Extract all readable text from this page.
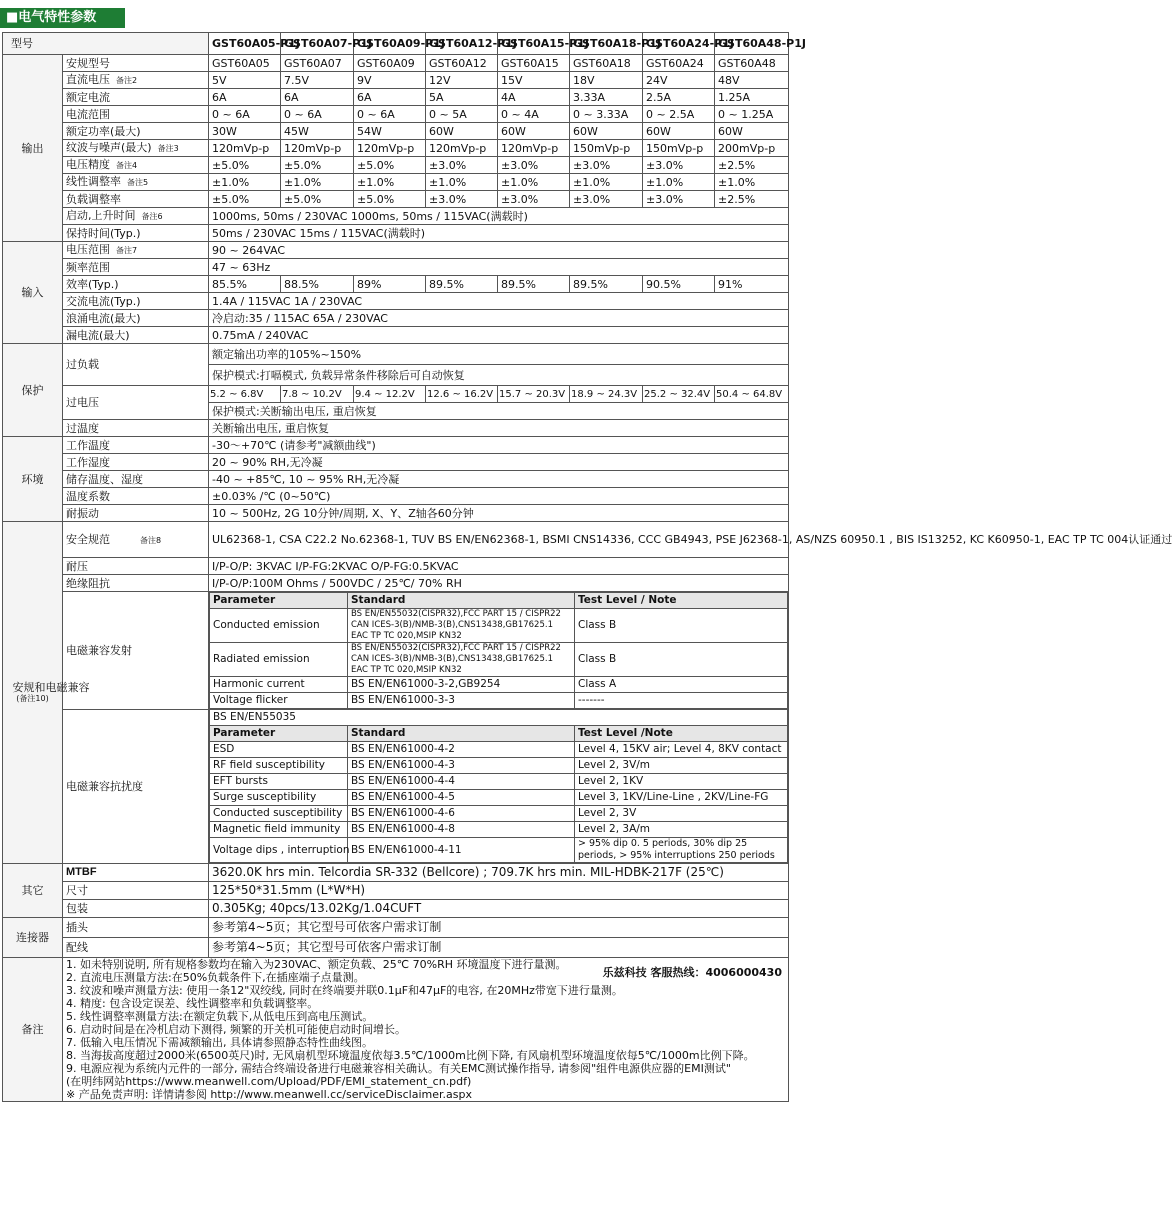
■电气特性参数
型号	GST60A05-P1J	GST60A07-P1J	GST60A09-P1J	GST60A12-P1J	GST60A15-P1J	GST60A18-P1J	GST60A24-P1J	GST60A48-P1J
输出	安规型号	GST60A05	GST60A07	GST60A09	GST60A12	GST60A15	GST60A18	GST60A24	GST60A48
直流电压 备注2	5V	7.5V	9V	12V	15V	18V	24V	48V
额定电流	6A	6A	6A	5A	4A	3.33A	2.5A	1.25A
电流范围	0 ~ 6A	0 ~ 6A	0 ~ 6A	0 ~ 5A	0 ~ 4A	0 ~ 3.33A	0 ~ 2.5A	0 ~ 1.25A
额定功率(最大)	30W	45W	54W	60W	60W	60W	60W	60W
纹波与噪声(最大) 备注3	120mVp-p	120mVp-p	120mVp-p	120mVp-p	120mVp-p	150mVp-p	150mVp-p	200mVp-p
电压精度 备注4	±5.0%	±5.0%	±5.0%	±3.0%	±3.0%	±3.0%	±3.0%	±2.5%
线性调整率 备注5	±1.0%	±1.0%	±1.0%	±1.0%	±1.0%	±1.0%	±1.0%	±1.0%
负载调整率	±5.0%	±5.0%	±5.0%	±3.0%	±3.0%	±3.0%	±3.0%	±2.5%
启动,上升时间 备注6	1000ms, 50ms / 230VAC 1000ms, 50ms / 115VAC(满载时)
保持时间(Typ.)	50ms / 230VAC 15ms / 115VAC(满载时)
输入	电压范围 备注7	90 ~ 264VAC
频率范围	47 ~ 63Hz
效率(Typ.)	85.5%	88.5%	89%	89.5%	89.5%	89.5%	90.5%	91%
交流电流(Typ.)	1.4A / 115VAC 1A / 230VAC
浪涌电流(最大)	冷启动:35 / 115AC 65A / 230VAC
漏电流(最大)	0.75mA / 240VAC
保护	过负载	额定输出功率的105%~150%
保护模式:打嗝模式, 负载异常条件移除后可自动恢复
过电压	5.2 ~ 6.8V	7.8 ~ 10.2V	9.4 ~ 12.2V	12.6 ~ 16.2V	15.7 ~ 20.3V	18.9 ~ 24.3V	25.2 ~ 32.4V	50.4 ~ 64.8V
保护模式:关断输出电压, 重启恢复
过温度	关断输出电压, 重启恢复
环境	工作温度	-30〜+70℃ (请参考"减额曲线")
工作湿度	20 ~ 90% RH,无冷凝
储存温度、湿度	-40 ~ +85℃, 10 ~ 95% RH,无冷凝
温度系数	±0.03% /℃ (0~50℃)
耐振动	10 ~ 500Hz, 2G 10分钟/周期, X、Y、Z轴各60分钟

安规和电磁兼容
(备注10)
	安全规范	备注8	UL62368-1, CSA C22.2 No.62368-1, TUV BS EN/EN62368-1, BSMI CNS14336, CCC GB4943, PSE J62368-1, AS/NZS 60950.1 , BIS IS13252, KC K60950-1, EAC TP TC 004认证通过
耐压	I/P-O/P: 3KVAC I/P-FG:2KVAC O/P-FG:0.5KVAC
绝缘阻抗	I/P-O/P:100M Ohms / 500VDC / 25℃/ 70% RH
电磁兼容发射	
Parameter	Standard	Test Level / Note
Conducted emission	BS EN/EN55032(CISPR32),FCC PART 15 / CISPR22 CAN ICES-3(B)/NMB-3(B),CNS13438,GB17625.1 EAC TP TC 020,MSIP KN32	Class B
Radiated emission	BS EN/EN55032(CISPR32),FCC PART 15 / CISPR22 CAN ICES-3(B)/NMB-3(B),CNS13438,GB17625.1 EAC TP TC 020,MSIP KN32	Class B
Harmonic current	BS EN/EN61000-3-2,GB9254	Class A
Voltage flicker	BS EN/EN61000-3-3	-------

电磁兼容抗扰度	
BS EN/EN55035
Parameter	Standard	Test Level /Note
ESD	BS EN/EN61000-4-2	Level 4, 15KV air; Level 4, 8KV contact
RF field susceptibility	BS EN/EN61000-4-3	Level 2, 3V/m
EFT bursts	BS EN/EN61000-4-4	Level 2, 1KV
Surge susceptibility	BS EN/EN61000-4-5	Level 3, 1KV/Line-Line , 2KV/Line-FG
Conducted susceptibility	BS EN/EN61000-4-6	Level 2, 3V
Magnetic field immunity	BS EN/EN61000-4-8	Level 2, 3A/m
Voltage dips , interruption	BS EN/EN61000-4-11	> 95% dip 0. 5 periods, 30% dip 25 periods, > 95% interruptions 250 periods

其它	MTBF	3620.0K hrs min. Telcordia SR-332 (Bellcore) ; 709.7K hrs min. MIL-HDBK-217F (25℃)
尺寸	125*50*31.5mm (L*W*H)
包装	0.305Kg; 40pcs/13.02Kg/1.04CUFT
连接器	插头	参考第4~5页；其它型号可依客户需求订制
配线	参考第4~5页；其它型号可依客户需求订制
备注	
乐兹科技 客服热线：4006000430
1. 如未特别说明, 所有规格参数均在输入为230VAC、额定负载、25℃ 70%RH 环境温度下进行量测。
2. 直流电压测量方法:在50%负载条件下,在插座端子点量测。
3. 纹波和噪声测量方法: 使用一条12"双绞线, 同时在终端要并联0.1μF和47μF的电容, 在20MHz带宽下进行量测。
4. 精度: 包含设定误差、线性调整率和负载调整率。
5. 线性调整率测量方法:在额定负载下,从低电压到高电压测试。
6. 启动时间是在冷机启动下测得, 频繁的开关机可能使启动时间增长。
7. 低输入电压情况下需减额输出, 具体请参照静态特性曲线图。
8. 当海拔高度超过2000米(6500英尺)时, 无风扇机型环境温度依每3.5℃/1000m比例下降, 有风扇机型环境温度依每5℃/1000m比例下降。
9. 电源应视为系统内元件的一部分, 需结合终端设备进行电磁兼容相关确认。有关EMC测试操作指导, 请参阅"组件电源供应器的EMI测试"
(在明纬网站https://www.meanwell.com/Upload/PDF/EMI_statement_cn.pdf)
※ 产品免责声明: 详情请参阅 http://www.meanwell.cc/serviceDisclaimer.aspx
